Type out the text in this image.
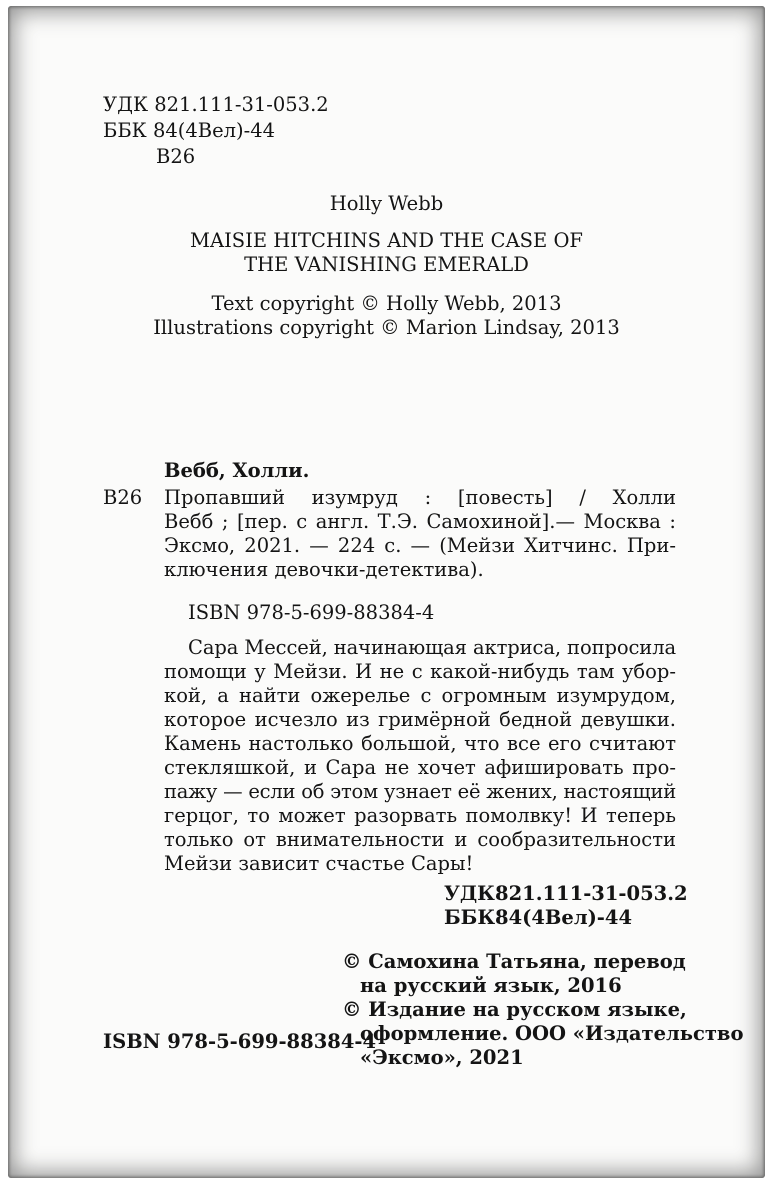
УДК 821.111-31-053.2
ББК 84(4Вел)-44
В26
Holly Webb
MAISIE HITCHINS AND THE CASE OF
THE VANISHING EMERALD
Text copyright © Holly Webb, 2013
Illustrations copyright © Marion Lindsay, 2013
Вебб, Холли.
В26 Пропавший изумруд : [повесть] / Холли
Вебб ; [пер. с англ. Т.Э. Самохиной].— Москва :
Эксмо, 2021. — 224 с. — (Мейзи Хитчинс. При-
ключения девочки-детектива).
ISBN 978-5-699-88384-4
Сара Мессей, начинающая актриса, попросила
помощи у Мейзи. И не с какой-нибудь там убор-
кой, а найти ожерелье с огромным изумрудом,
которое исчезло из гримёрной бедной девушки.
Камень настолько большой, что все его считают
стекляшкой, и Сара не хочет афишировать про-
пажу — если об этом узнает её жених, настоящий
герцог, то может разорвать помолвку! И теперь
только от внимательности и сообразительности
Мейзи зависит счастье Сары!
УДК 821.111-31-053.2
ББК 84(4Вел)-44
© Самохина Татьяна, перевод
на русский язык, 2016
© Издание на русском языке,
оформление. ООО «Издательство
«Эксмо», 2021
ISBN 978-5-699-88384-4
